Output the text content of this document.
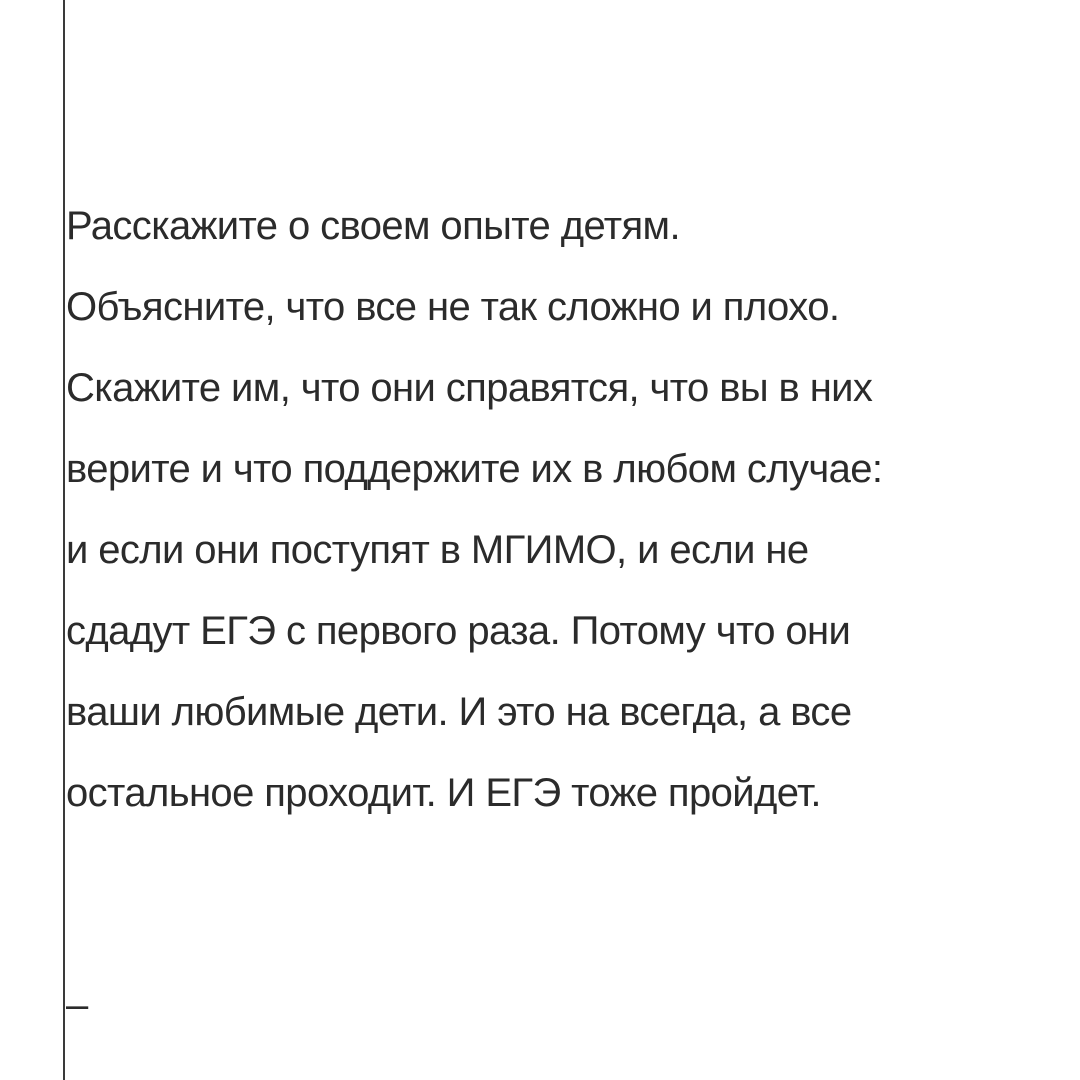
Расскажите о своем опыте детям.
Объясните, что все не так сложно и плохо.
Скажите им, что они справятся, что вы в них
верите и что поддержите их в любом случае:
и если они поступят в МГИМО, и если не
сдадут ЕГЭ с первого раза. Потому что они
ваши любимые дети. И это на всегда, а все
остальное проходит. И ЕГЭ тоже пройдет.
–
